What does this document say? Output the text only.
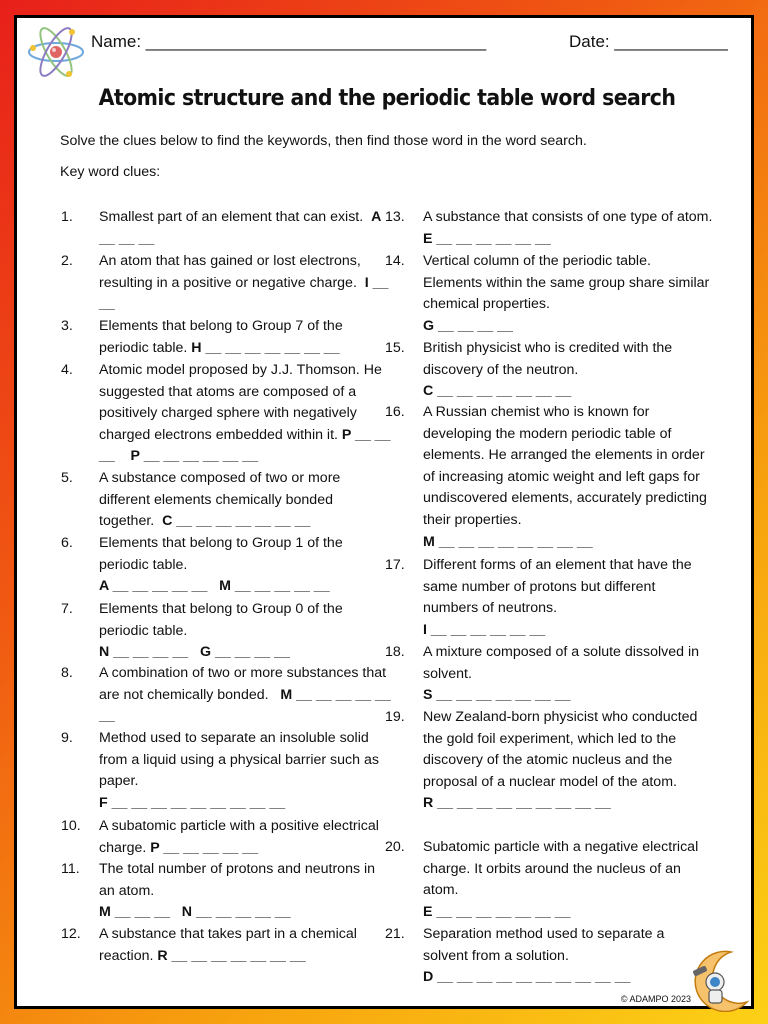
Name: ____________________________________	Date: ____________
Atomic structure and the periodic table word search
Solve the clues below to find the keywords, then find those word in the word search.
Key word clues:
1. Smallest part of an element that can exist.  A __ __ __
2. An atom that has gained or lost electrons, resulting in a positive or negative charge.  I __ __
3. Elements that belong to Group 7 of the periodic table. H __ __ __ __ __ __ __
4. Atomic model proposed by J.J. Thomson. He suggested that atoms are composed of a positively charged sphere with negatively charged electrons embedded within it. P __ __ __    P __ __ __ __ __ __
5. A substance composed of two or more different elements chemically bonded together.  C __ __ __ __ __ __ __
6. Elements that belong to Group 1 of the periodic table.
A __ __ __ __ __   M __ __ __ __ __
7. Elements that belong to Group 0 of the periodic table.
N __ __ __ __   G __ __ __ __
8. A combination of two or more substances that are not chemically bonded.   M __ __ __ __ __ __
9. Method used to separate an insoluble solid from a liquid using a physical barrier such as paper.
F __ __ __ __ __ __ __ __ __
10. A subatomic particle with a positive electrical charge. P __ __ __ __ __
11. The total number of protons and neutrons in an atom.
M __ __ __   N __ __ __ __ __
12. A substance that takes part in a chemical reaction. R __ __ __ __ __ __ __
13. A substance that consists of one type of atom. E __ __ __ __ __ __
14. Vertical column of the periodic table. Elements within the same group share similar chemical properties.
G __ __ __ __
15. British physicist who is credited with the discovery of the neutron.
C __ __ __ __ __ __ __
16. A Russian chemist who is known for developing the modern periodic table of elements. He arranged the elements in order of increasing atomic weight and left gaps for undiscovered elements, accurately predicting their properties.
M __ __ __ __ __ __ __ __
17. Different forms of an element that have the same number of protons but different numbers of neutrons.
I __ __ __ __ __ __
18. A mixture composed of a solute dissolved in solvent.
S __ __ __ __ __ __ __
19. New Zealand-born physicist who conducted the gold foil experiment, which led to the discovery of the atomic nucleus and the proposal of a nuclear model of the atom.
R __ __ __ __ __ __ __ __ __
20. Subatomic particle with a negative electrical charge. It orbits around the nucleus of an atom.
E __ __ __ __ __ __ __
21. Separation method used to separate a solvent from a solution.
D __ __ __ __ __ __ __ __ __ __
© ADAMPO 2023
